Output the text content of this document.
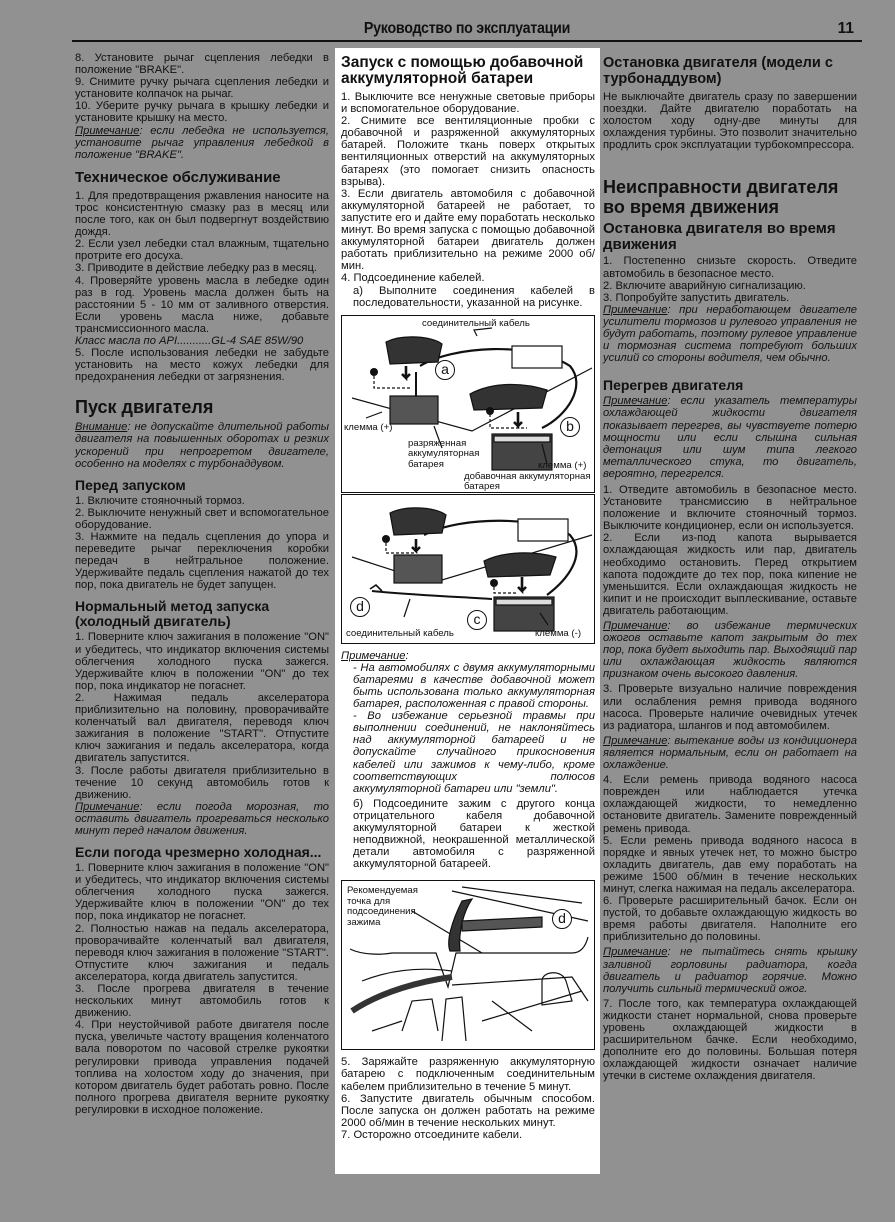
Руководство по эксплуатации	11

8. Установите рычаг сцепления лебедки в положение "BRAKE".

9. Снимите ручку рычага сцепления лебедки и установите колпачок на рычаг.

10. Уберите ручку рычага в крышку лебедки и установите крышку на место.

Примечание: если лебедка не используется, установите рычаг управления лебедкой в положение "BRAKE".

Техническое обслуживание

1. Для предотвращения ржавления наносите на трос консистентную смазку раз в месяц или после того, как он был подвергнут воздействию дождя.

2. Если узел лебедки стал влажным, тщательно протрите его досуха.

3. Приводите в действие лебедку раз в месяц.

4. Проверяйте уровень масла в лебедке один раз в год. Уровень масла должен быть на расстоянии 5 - 10 мм от заливного отверстия. Если уровень масла ниже, добавьте трансмиссионного масла.

Класс масла по API...........GL-4 SAE 85W/90

5. После использования лебедки не забудьте установить на место кожух лебедки для предохранения лебедки от загрязнения.

Пуск двигателя

Внимание: не допускайте длительной работы двигателя на повышенных оборотах и резких ускорений при непрогретом двигателе, особенно на моделях с турбонаддувом.

Перед запуском

1. Включите стояночный тормоз.

2. Выключите ненужный свет и вспомогательное оборудование.

3. Нажмите на педаль сцепления до упора и переведите рычаг переключения коробки передач в нейтральное положение. Удерживайте педаль сцепления нажатой до тех пор, пока двигатель не будет запущен.

Нормальный метод запуска (холодный двигатель)

1. Поверните ключ зажигания в положение "ON" и убедитесь, что индикатор включения системы облегчения холодного пуска зажегся. Удерживайте ключ в положении "ON" до тех пор, пока индикатор не погаснет.

2. Нажимая педаль акселератора приблизительно на половину, проворачивайте коленчатый вал двигателя, переводя ключ зажигания в положение "START". Отпустите ключ зажигания и педаль акселератора, когда двигатель запустится.

3. После работы двигателя приблизительно в течение 10 секунд автомобиль готов к движению.

Примечание: если погода морозная, то оставить двигатель прогреваться несколько минут перед началом движения.

Если погода чрезмерно холодная...

1. Поверните ключ зажигания в положение "ON" и убедитесь, что индикатор включения системы облегчения холодного пуска зажегся. Удерживайте ключ в положении "ON" до тех пор, пока индикатор не погаснет.

2. Полностью нажав на педаль акселератора, проворачивайте коленчатый вал двигателя, переводя ключ зажигания в положение "START". Отпустите ключ зажигания и педаль акселератора, когда двигатель запустится.

3. После прогрева двигателя в течение нескольких минут автомобиль готов к движению.

4. При неустойчивой работе двигателя после пуска, увеличьте частоту вращения коленчатого вала поворотом по часовой стрелке рукоятки регулировки привода управления подачей топлива на холостом ходу до значения, при котором двигатель будет работать ровно. После полного прогрева двигателя верните рукоятку регулировки в исходное положение.

Запуск с помощью добавочной аккумуляторной батареи

1. Выключите все ненужные световые приборы и вспомогательное оборудование.

2. Снимите все вентиляционные пробки с добавочной и разряженной аккумуляторных батарей. Положите ткань поверх открытых вентиляционных отверстий на аккумуляторных батареях (это помогает снизить опасность взрыва).

3. Если двигатель автомобиля с добавочной аккумуляторной батареей не работает, то запустите его и дайте ему поработать несколько минут. Во время запуска с помощью добавочной аккумуляторной батареи двигатель должен работать приблизительно на режиме 2000 об/мин.

4. Подсоединение кабелей.

а) Выполните соединения кабелей в последовательности, указанной на рисунке.

соединительный кабель
a
b
клемма (+)
разряженная аккумуляторная батарея	клемма (+)
добавочная аккумуляторная батарея
d
c
соединительный кабель	клемма (-)

Примечание:

- На автомобилях с двумя аккумуляторными батареями в качестве добавочной может быть использована только аккумуляторная батарея, расположенная с правой стороны.

- Во избежание серьезной травмы при выполнении соединений, не наклоняйтесь над аккумуляторной батареей и не допускайте случайного прикосновения кабелей или зажимов к чему-либо, кроме соответствующих полюсов аккумуляторной батареи или "земли".

б) Подсоедините зажим с другого конца отрицательного кабеля добавочной аккумуляторной батареи к жесткой неподвижной, неокрашенной металлической детали автомобиля с разряженной аккумуляторной батареей.

Рекомендуемая точка для подсоединения зажима	d

5. Заряжайте разряженную аккумуляторную батарею с подключенным соединительным кабелем приблизительно в течение 5 минут.

6. Запустите двигатель обычным способом. После запуска он должен работать на режиме 2000 об/мин в течение нескольких минут.

7. Осторожно отсоедините кабели.

Остановка двигателя (модели с турбонаддувом)

Не выключайте двигатель сразу по завершении поездки. Дайте двигателю поработать на холостом ходу одну-две минуты для охлаждения турбины. Это позволит значительно продлить срок эксплуатации турбокомпрессора.

Неисправности двигателя во время движения
Остановка двигателя во время движения

1. Постепенно снизьте скорость. Отведите автомобиль в безопасное место.

2. Включите аварийную сигнализацию.

3. Попробуйте запустить двигатель.

Примечание: при неработающем двигателе усилители тормозов и рулевого управления не будут работать, поэтому рулевое управление и тормозная система потребуют больших усилий со стороны водителя, чем обычно.

Перегрев двигателя

Примечание: если указатель температуры охлаждающей жидкости двигателя показывает перегрев, вы чувствуете потерю мощности или если слышна сильная детонация или шум типа легкого металлического стука, то двигатель, вероятно, перегрелся.

1. Отведите автомобиль в безопасное место. Установите трансмиссию в нейтральное положение и включите стояночный тормоз. Выключите кондиционер, если он используется.

2. Если из-под капота вырывается охлаждающая жидкость или пар, двигатель необходимо остановить. Перед открытием капота подождите до тех пор, пока кипение не уменьшится. Если охлаждающая жидкость не кипит и не происходит выплескивание, оставьте двигатель работающим.

Примечание: во избежание термических ожогов оставьте капот закрытым до тех пор, пока будет выходить пар. Выходящий пар или охлаждающая жидкость являются признаком очень высокого давления.

3. Проверьте визуально наличие повреждения или ослабления ремня привода водяного насоса. Проверьте наличие очевидных утечек из радиатора, шлангов и под автомобилем.

Примечание: вытекание воды из кондиционера является нормальным, если он работает на охлаждение.

4. Если ремень привода водяного насоса поврежден или наблюдается утечка охлаждающей жидкости, то немедленно остановите двигатель. Замените поврежденный ремень привода.

5. Если ремень привода водяного насоса в порядке и явных утечек нет, то можно быстро охладить двигатель, дав ему поработать на режиме 1500 об/мин в течение нескольких минут, слегка нажимая на педаль акселератора.

6. Проверьте расширительный бачок. Если он пустой, то добавьте охлаждающую жидкость во время работы двигателя. Наполните его приблизительно до половины.

Примечание: не пытайтесь снять крышку заливной горловины радиатора, когда двигатель и радиатор горячие. Можно получить сильный термический ожог.

7. После того, как температура охлаждающей жидкости станет нормальной, снова проверьте уровень охлаждающей жидкости в расширительном бачке. Если необходимо, дополните его до половины. Большая потеря охлаждающей жидкости означает наличие утечки в системе охлаждения двигателя.
